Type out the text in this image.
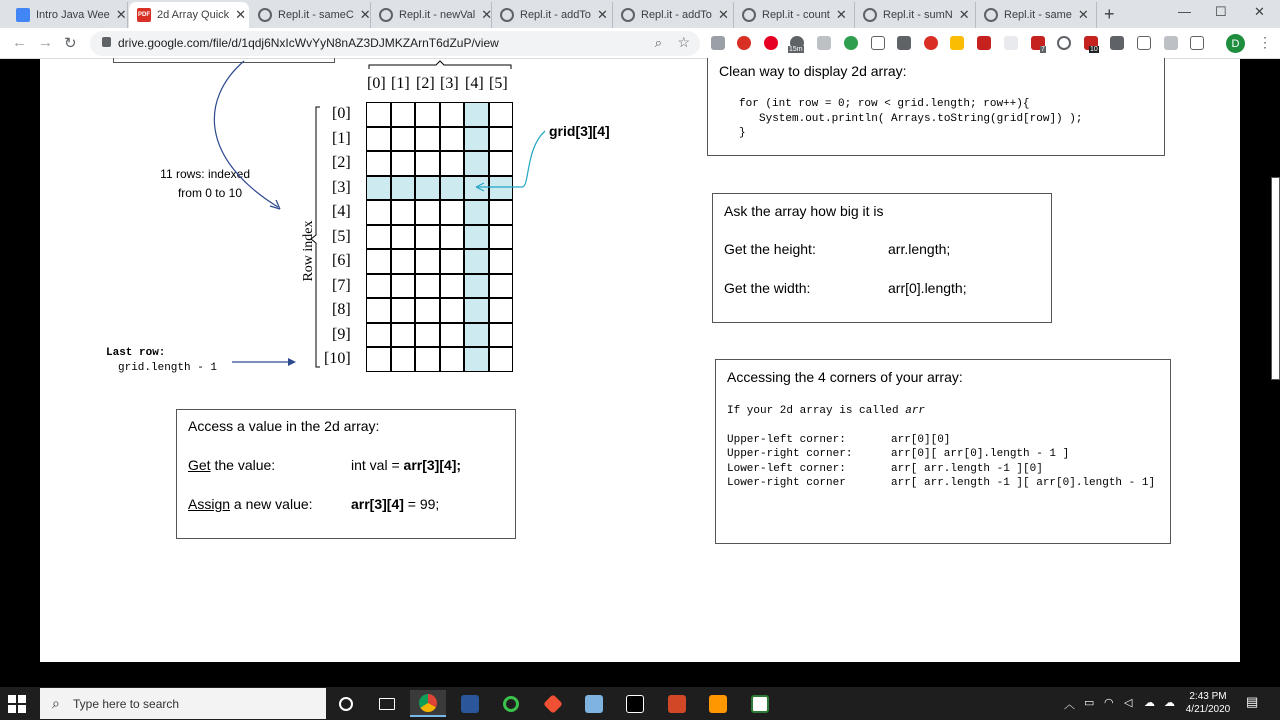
Intro Java Wee ✕ PDF 2d Array Quick ✕	Repl.it - sameC ✕	Repl.it - newVal ✕	Repl.it - addTo ✕	Repl.it - addTo ✕	Repl.it - count ✕	Repl.it - sumN ✕	Repl.it - same ✕ +	— ☐ ✕
← → ↻	drive.google.com/file/d/1qdj6NxIcWvYyN8nAZ3DJMKZArnT6dZuP/view	⌕ ☆	15m	7	10	D	⋮
[0] [1] [2] [3] [4] [5]
[0]
[1]
[2]
[3]
[4]
[5]
[6]
[7]
[8]
[9]
[10]
Row index
11 rows: indexed
from 0 to 10
grid[3][4]
Last row:
grid.length - 1
Access a value in the 2d array:
Get the value:	int val = arr[3][4];
Assign a new value:	arr[3][4] = 99;
Clean way to display 2d array:
for (int row = 0; row < grid.length; row++){
System.out.println( Arrays.toString(grid[row]) );
}
Ask the array how big it is
Get the height:	arr.length;
Get the width:	arr[0].length;
Accessing the 4 corners of your array:
If your 2d array is called arr
Upper-left corner:	arr[0][0]
Upper-right corner:	arr[0][ arr[0].length - 1 ]
Lower-left corner:	arr[ arr.length -1 ][0]
Lower-right corner	arr[ arr.length -1 ][ arr[0].length - 1]
⌕ Type here to search	︿ ▭ ◠ ◁ ☁ ☁
2:43 PM
4/21/2020
▤
